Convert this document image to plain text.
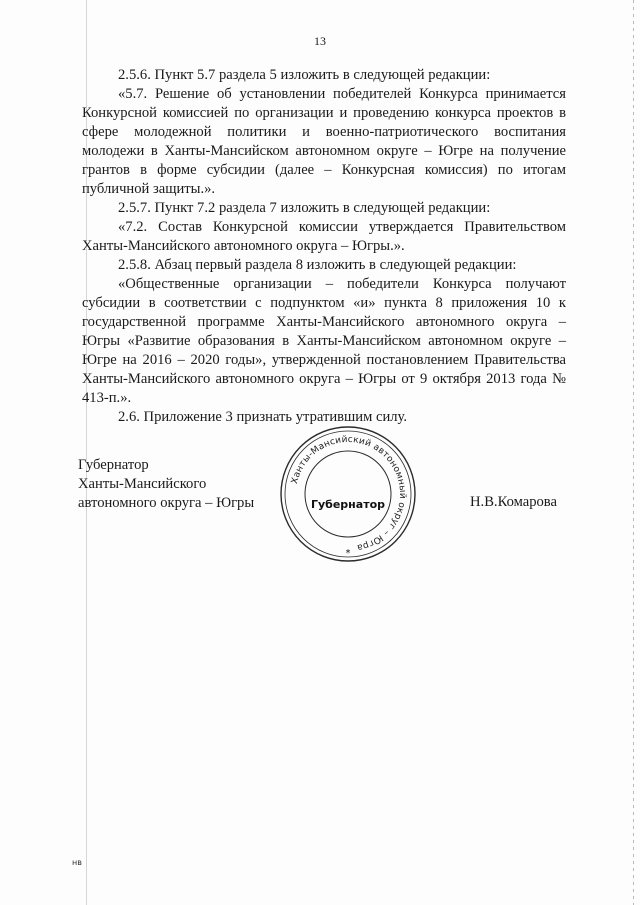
13

2.5.6. Пункт 5.7 раздела 5 изложить в следующей редакции:

«5.7. Решение об установлении победителей Конкурса принимается Конкурсной комиссией по организации и проведению конкурса проектов в сфере молодежной политики и военно-патриотического воспитания молодежи в Ханты-Мансийском автономном округе – Югре на получение грантов в форме субсидии (далее – Конкурсная комиссия) по итогам публичной защиты.».

2.5.7. Пункт 7.2 раздела 7 изложить в следующей редакции:

«7.2. Состав Конкурсной комиссии утверждается Правительством Ханты-Мансийского автономного округа – Югры.».

2.5.8. Абзац первый раздела 8 изложить в следующей редакции:

«Общественные организации – победители Конкурса получают субсидии в соответствии с подпунктом «и» пункта 8 приложения 10 к государственной программе Ханты-Мансийского автономного округа – Югры «Развитие образования в Ханты-Мансийском автономном округе – Югре на 2016 – 2020 годы», утвержденной постановлением Правительства Ханты-Мансийского автономного округа – Югры от 9 октября 2013 года № 413-п.».

2.6. Приложение 3 признать утратившим силу.

Губернатор
Ханты-Мансийского
автономного округа – Югры
Ханты-Мансийский автономный округ – Югра
Губернатор
*
Н.В.Комарова
нв
